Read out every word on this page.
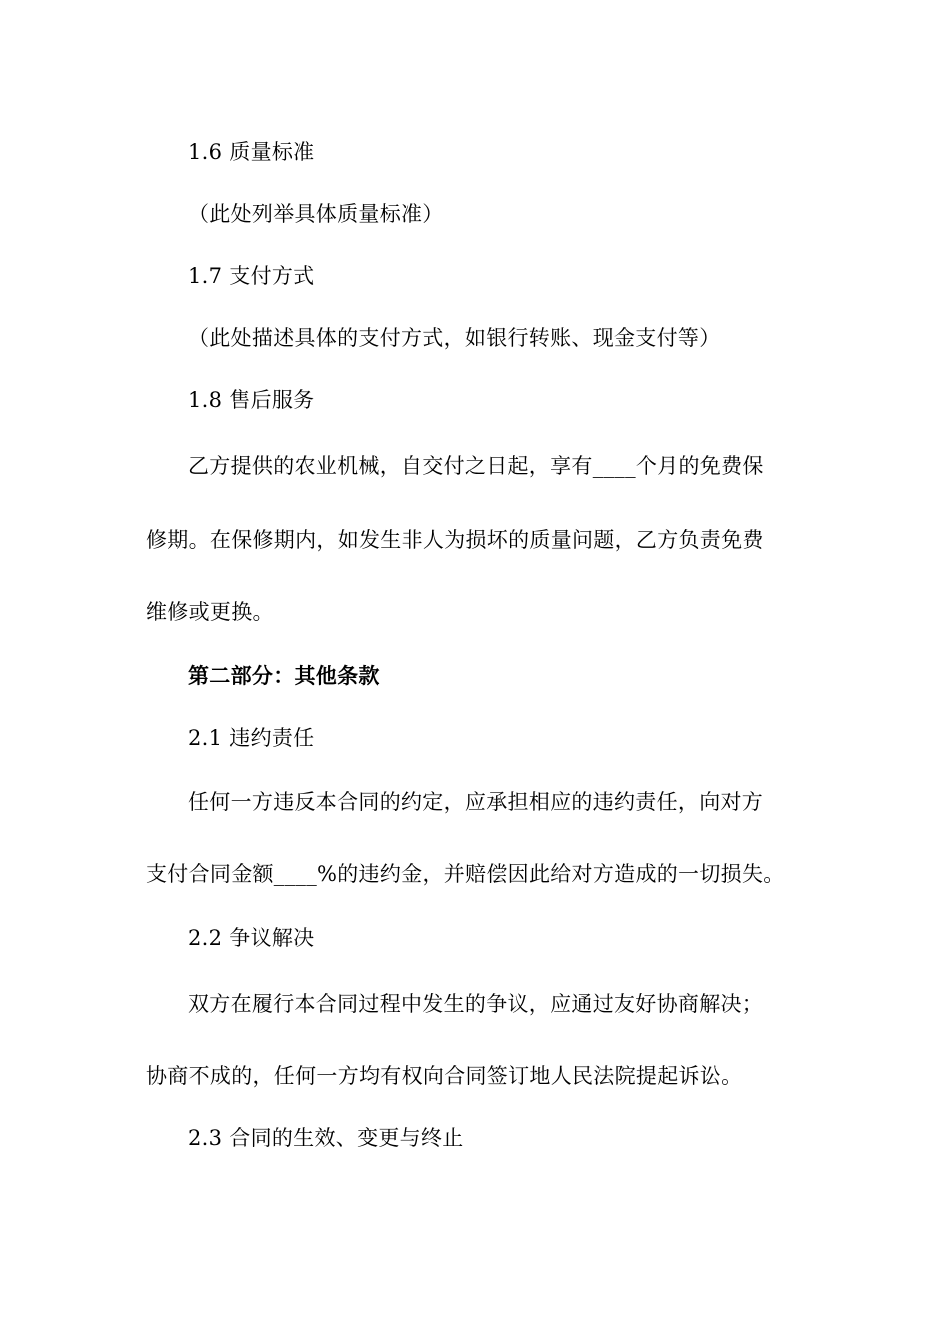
1.6 质量标准
（此处列举具体质量标准）
1.7 支付方式
（此处描述具体的支付方式，如银行转账、现金支付等）
1.8 售后服务
乙方提供的农业机械，自交付之日起，享有____个月的免费保
修期。在保修期内，如发生非人为损坏的质量问题，乙方负责免费
维修或更换。
第二部分：其他条款
2.1 违约责任
任何一方违反本合同的约定，应承担相应的违约责任，向对方
支付合同金额____%的违约金，并赔偿因此给对方造成的一切损失。
2.2 争议解决
双方在履行本合同过程中发生的争议，应通过友好协商解决；
协商不成的，任何一方均有权向合同签订地人民法院提起诉讼。
2.3 合同的生效、变更与终止
